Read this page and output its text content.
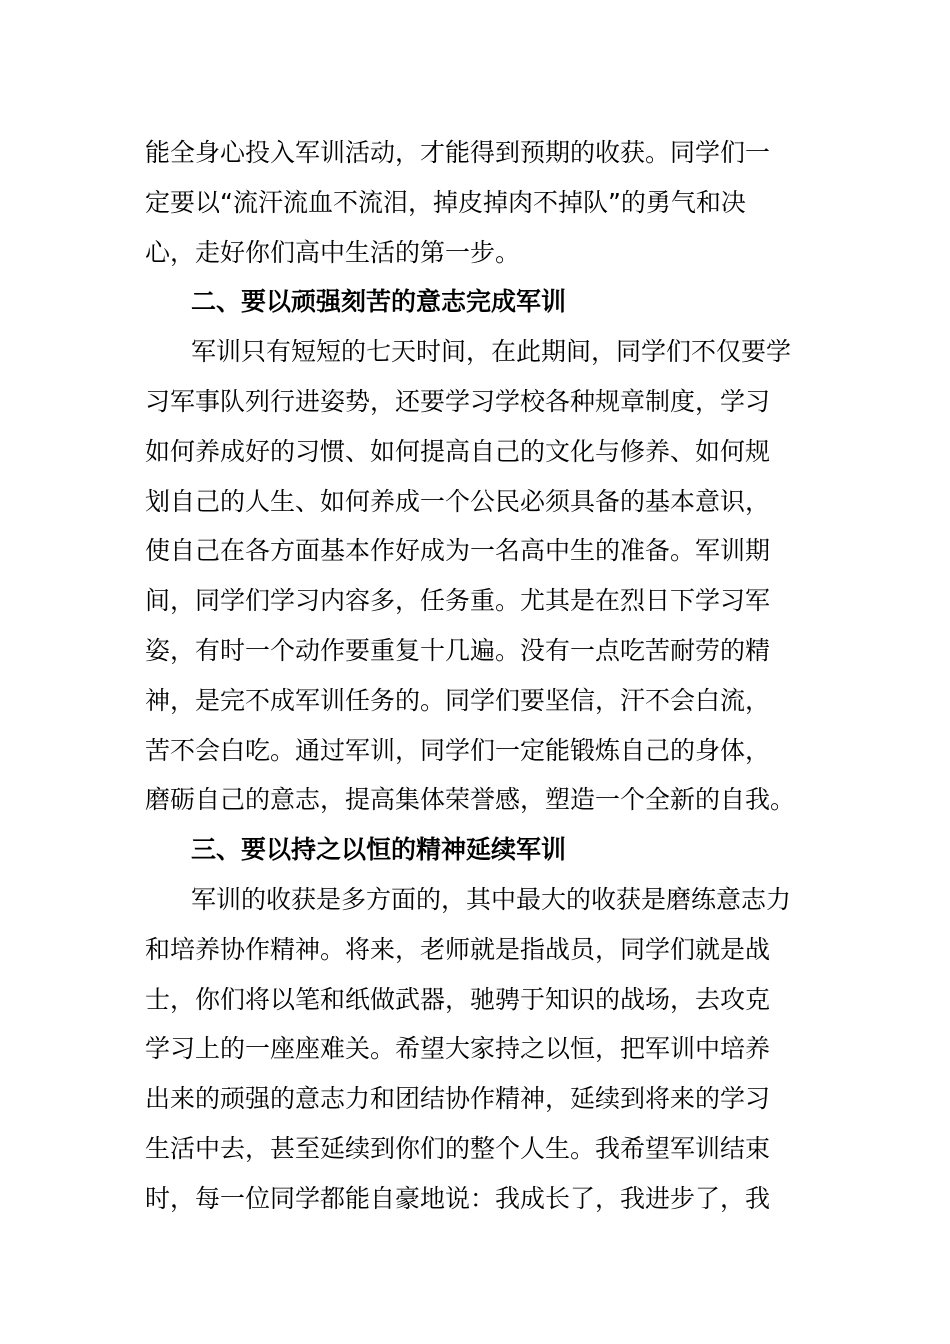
能全身心投入军训活动，才能得到预期的收获。同学们一
定要以“流汗流血不流泪，掉皮掉肉不掉队”的勇气和决
心，走好你们高中生活的第一步。
二、要以顽强刻苦的意志完成军训
军训只有短短的七天时间，在此期间，同学们不仅要学
习军事队列行进姿势，还要学习学校各种规章制度，学习
如何养成好的习惯、如何提高自己的文化与修养、如何规
划自己的人生、如何养成一个公民必须具备的基本意识，
使自己在各方面基本作好成为一名高中生的准备。军训期
间，同学们学习内容多，任务重。尤其是在烈日下学习军
姿，有时一个动作要重复十几遍。没有一点吃苦耐劳的精
神，是完不成军训任务的。同学们要坚信，汗不会白流，
苦不会白吃。通过军训，同学们一定能锻炼自己的身体，
磨砺自己的意志，提高集体荣誉感，塑造一个全新的自我。
三、要以持之以恒的精神延续军训
军训的收获是多方面的，其中最大的收获是磨练意志力
和培养协作精神。将来，老师就是指战员，同学们就是战
士，你们将以笔和纸做武器，驰骋于知识的战场，去攻克
学习上的一座座难关。希望大家持之以恒，把军训中培养
出来的顽强的意志力和团结协作精神，延续到将来的学习
生活中去，甚至延续到你们的整个人生。我希望军训结束
时，每一位同学都能自豪地说：我成长了，我进步了，我
